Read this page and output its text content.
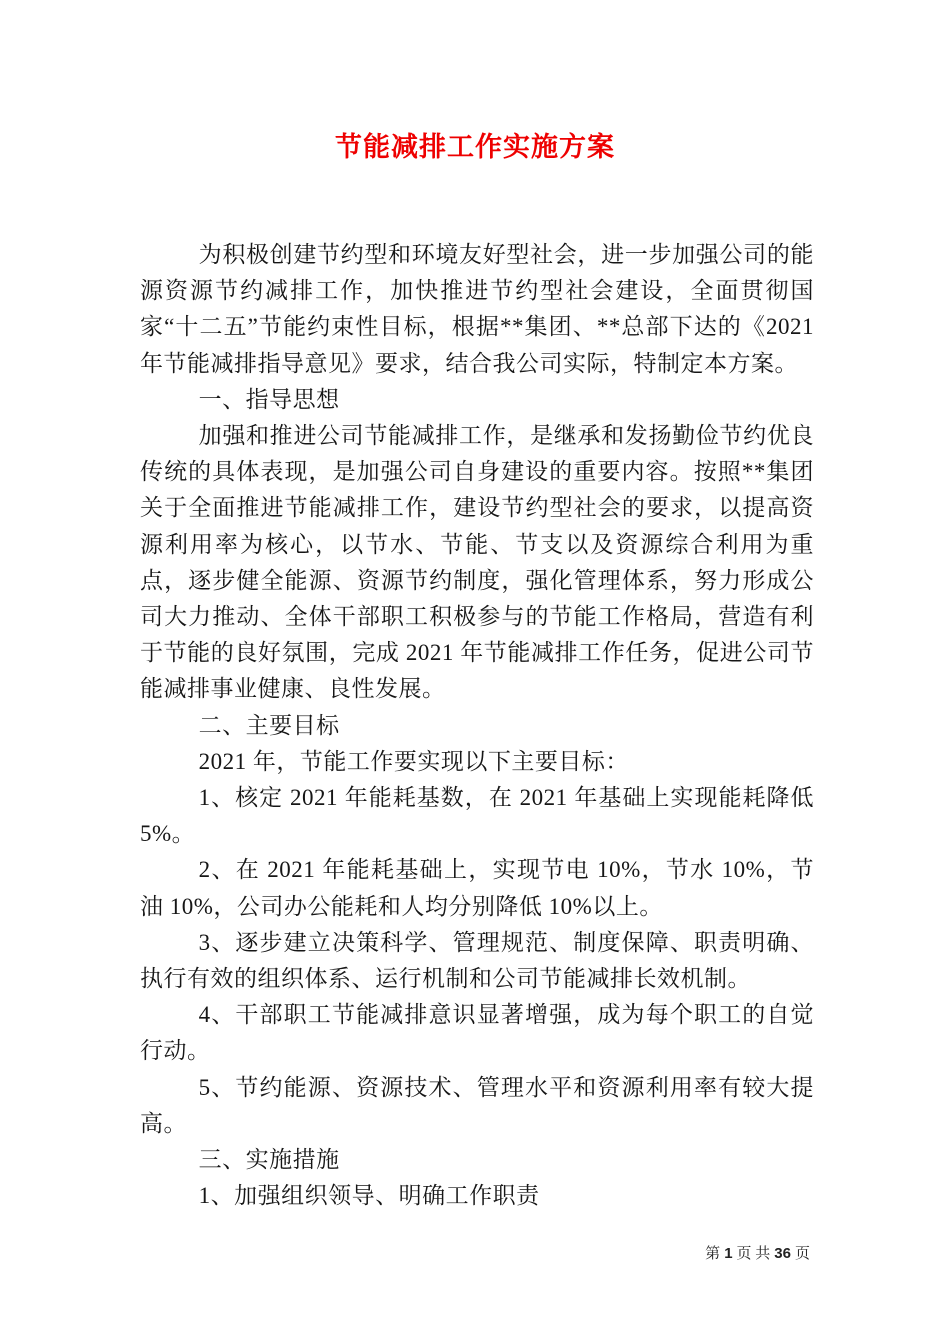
节能减排工作实施方案

为积极创建节约型和环境友好型社会，进一步加强公司的能源资源节约减排工作，加快推进节约型社会建设，全面贯彻国家“十二五”节能约束性目标，根据**集团、**总部下达的《2021 年节能减排指导意见》要求，结合我公司实际，特制定本方案。

一、指导思想

加强和推进公司节能减排工作，是继承和发扬勤俭节约优良传统的具体表现，是加强公司自身建设的重要内容。按照**集团关于全面推进节能减排工作，建设节约型社会的要求，以提高资源利用率为核心，以节水、节能、节支以及资源综合利用为重点，逐步健全能源、资源节约制度，强化管理体系，努力形成公司大力推动、全体干部职工积极参与的节能工作格局，营造有利于节能的良好氛围，完成 2021 年节能减排工作任务，促进公司节能减排事业健康、良性发展。

二、主要目标

2021 年，节能工作要实现以下主要目标：

1、核定 2021 年能耗基数，在 2021 年基础上实现能耗降低 5%。

2、在 2021 年能耗基础上，实现节电 10%，节水 10%，节油 10%，公司办公能耗和人均分别降低 10%以上。

3、逐步建立决策科学、管理规范、制度保障、职责明确、执行有效的组织体系、运行机制和公司节能减排长效机制。

4、干部职工节能减排意识显著增强，成为每个职工的自觉行动。

5、节约能源、资源技术、管理水平和资源利用率有较大提高。

三、实施措施

1、加强组织领导、明确工作职责

第 1 页 共 36 页
